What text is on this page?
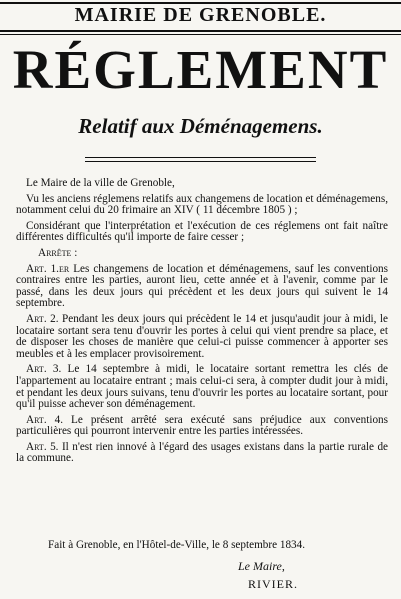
MAIRIE DE GRENOBLE.
RÉGLEMENT
Relatif aux Déménagemens.

Le Maire de la ville de Grenoble,

Vu les anciens réglemens relatifs aux changemens de location et déménagemens, notamment celui du 20 frimaire an XIV ( 11 décembre 1805 ) ;

Considérant que l'interprétation et l'exécution de ces réglemens ont fait naître différentes difficultés qu'il importe de faire cesser ;

Arrête :

Art. 1.er Les changemens de location et déménagemens, sauf les conventions contraires entre les parties, auront lieu, cette année et à l'avenir, comme par le passé, dans les deux jours qui précèdent et les deux jours qui suivent le 14 septembre.

Art. 2. Pendant les deux jours qui précèdent le 14 et jusqu'audit jour à midi, le locataire sortant sera tenu d'ouvrir les portes à celui qui vient prendre sa place, et de disposer les choses de manière que celui-ci puisse commencer à apporter ses meubles et à les emplacer provisoirement.

Art. 3. Le 14 septembre à midi, le locataire sortant remettra les clés de l'appartement au locataire entrant ; mais celui-ci sera, à compter dudit jour à midi, et pendant les deux jours suivans, tenu d'ouvrir les portes au locataire sortant, pour qu'il puisse achever son déménagement.

Art. 4. Le présent arrêté sera exécuté sans préjudice aux conventions particulières qui pourront intervenir entre les parties intéressées.

Art. 5. Il n'est rien innové à l'égard des usages existans dans la partie rurale de la commune.

Fait à Grenoble, en l'Hôtel-de-Ville, le 8 septembre 1834.
Le Maire,
RIVIER.
